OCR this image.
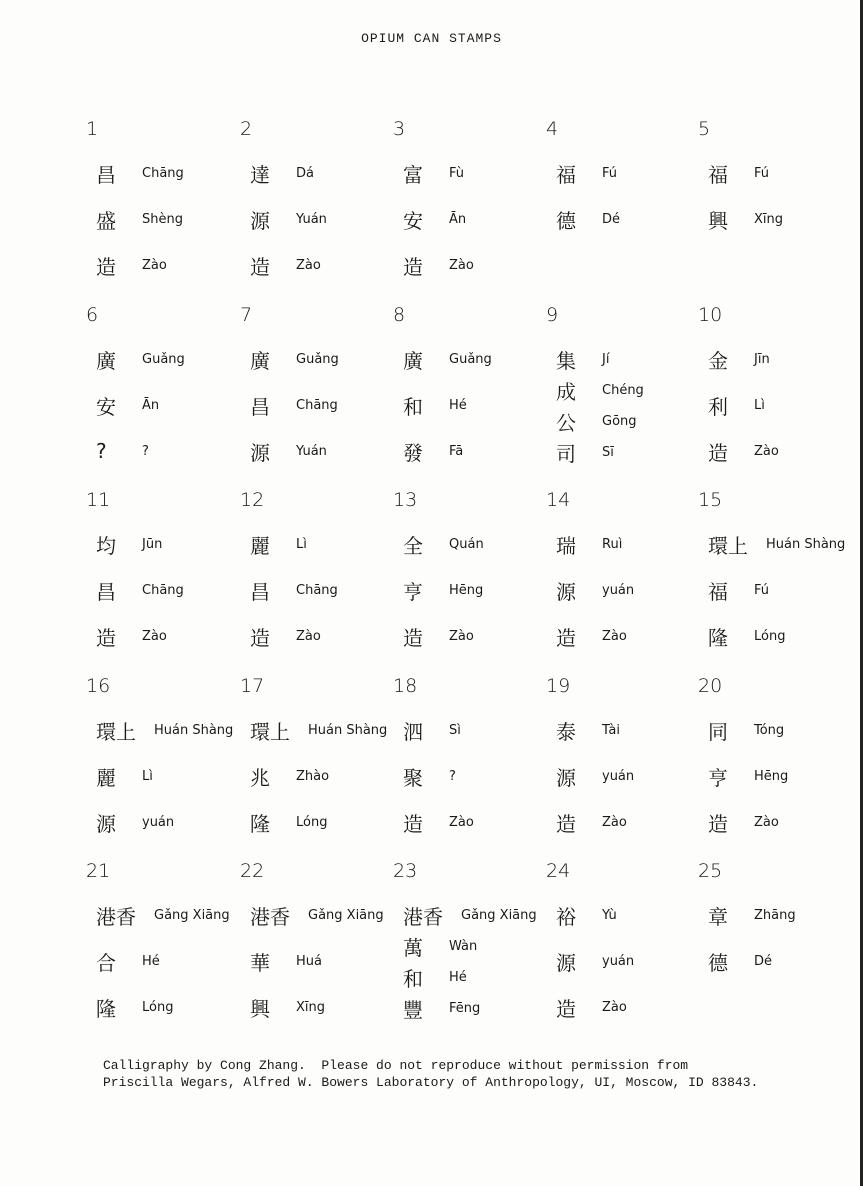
OPIUM CAN STAMPS
1
昌	Chāng
盛	Shèng
造	Zào
2
達	Dá
源	Yuán
造	Zào
3
富	Fù
安	Ān
造	Zào
4
福	Fú
德	Dé
5
福	Fú
興	Xīng
6
廣	Guǎng
安	Ān
?	?
7
廣	Guǎng
昌	Chāng
源	Yuán
8
廣	Guǎng
和	Hé
發	Fā
9
集	Jí
成	Chéng
公	Gōng
司	Sī
10
金	Jīn
利	Lì
造	Zào
11
均	Jūn
昌	Chāng
造	Zào
12
麗	Lì
昌	Chāng
造	Zào
13
全	Quán
亨	Hēng
造	Zào
14
瑞	Ruì
源	yuán
造	Zào
15
環上	Huán Shàng
福	Fú
隆	Lóng
16
環上	Huán Shàng
麗	Lì
源	yuán
17
環上	Huán Shàng
兆	Zhào
隆	Lóng
18
泗	Sì
聚	?
造	Zào
19
泰	Tài
源	yuán
造	Zào
20
同	Tóng
亨	Hēng
造	Zào
21
港香	Gǎng Xiāng
合	Hé
隆	Lóng
22
港香	Gǎng Xiāng
華	Huá
興	Xīng
23
港香	Gǎng Xiāng
萬	Wàn
和	Hé
豐	Fēng
24
裕	Yù
源	yuán
造	Zào
25
章	Zhāng
德	Dé
Calligraphy by Cong Zhang.  Please do not reproduce without permission from
Priscilla Wegars, Alfred W. Bowers Laboratory of Anthropology, UI, Moscow, ID 83843.
